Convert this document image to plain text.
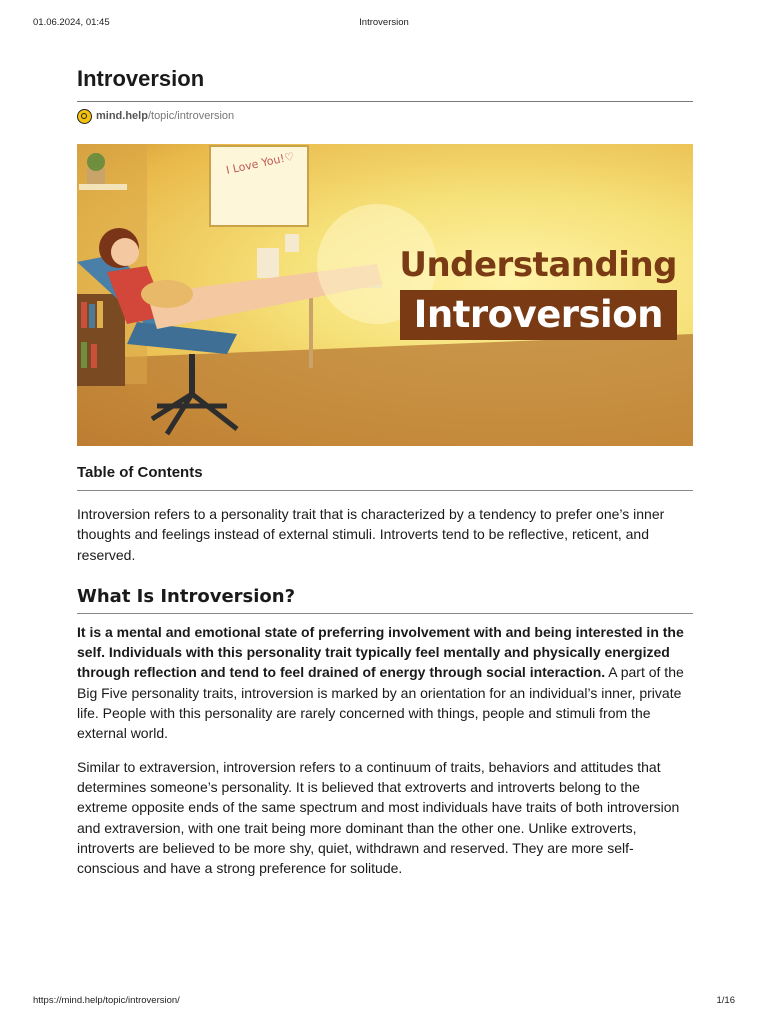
01.06.2024, 01:45	Introversion
Introversion
mind.help /topic/introversion
I Love You!♡
Understanding
Introversion
Table of Contents

Introversion refers to a personality trait that is characterized by a tendency to prefer one’s inner thoughts and feelings instead of external stimuli. Introverts tend to be reflective, reticent, and reserved.

What Is Introversion?

It is a mental and emotional state of preferring involvement with and being interested in the self. Individuals with this personality trait typically feel mentally and physically energized through reflection and tend to feel drained of energy through social interaction. A part of the Big Five personality traits, introversion is marked by an orientation for an individual’s inner, private life. People with this personality are rarely concerned with things, people and stimuli from the external world.

Similar to extraversion, introversion refers to a continuum of traits, behaviors and attitudes that determines someone’s personality. It is believed that extroverts and introverts belong to the extreme opposite ends of the same spectrum and most individuals have traits of both introversion and extraversion, with one trait being more dominant than the other one. Unlike extroverts, introverts are believed to be more shy, quiet, withdrawn and reserved. They are more self-conscious and have a strong preference for solitude.

https://mind.help/topic/introversion/	1/16
